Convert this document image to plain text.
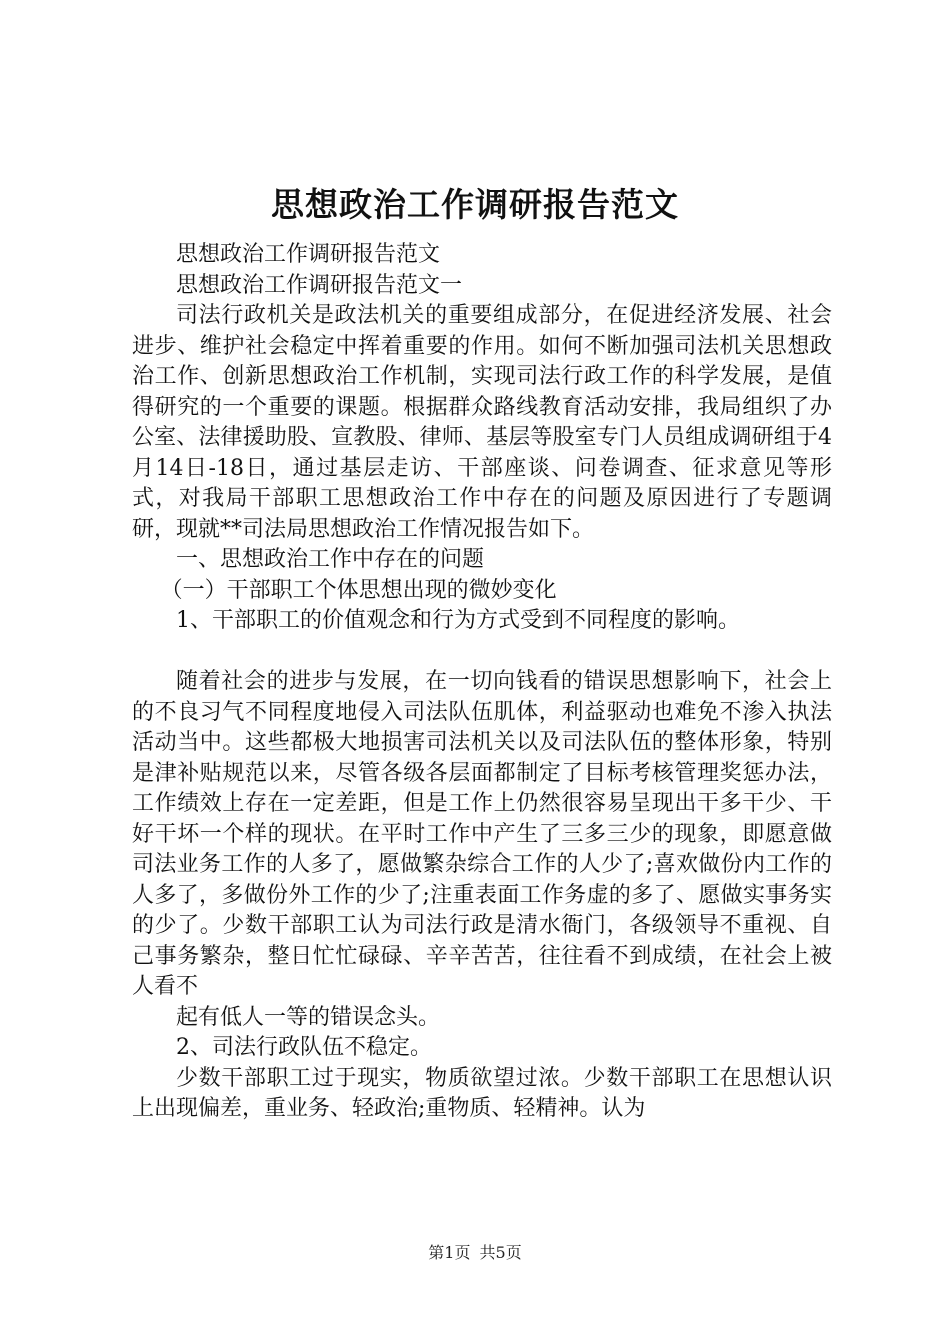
思想政治工作调研报告范文

思想政治工作调研报告范文

思想政治工作调研报告范文一

司法行政机关是政法机关的重要组成部分，在促进经济发展、社会进步、维护社会稳定中挥着重要的作用。如何不断加强司法机关思想政治工作、创新思想政治工作机制，实现司法行政工作的科学发展，是值得研究的一个重要的课题。根据群众路线教育活动安排，我局组织了办公室、法律援助股、宣教股、律师、基层等股室专门人员组成调研组于4月14日-18日，通过基层走访、干部座谈、问卷调查、征求意见等形式，对我局干部职工思想政治工作中存在的问题及原因进行了专题调研，现就**司法局思想政治工作情况报告如下。

一、思想政治工作中存在的问题

（一）干部职工个体思想出现的微妙变化

1、干部职工的价值观念和行为方式受到不同程度的影响。

随着社会的进步与发展，在一切向钱看的错误思想影响下，社会上的不良习气不同程度地侵入司法队伍肌体，利益驱动也难免不渗入执法活动当中。这些都极大地损害司法机关以及司法队伍的整体形象，特别是津补贴规范以来，尽管各级各层面都制定了目标考核管理奖惩办法，工作绩效上存在一定差距，但是工作上仍然很容易呈现出干多干少、干好干坏一个样的现状。在平时工作中产生了三多三少的现象，即愿意做司法业务工作的人多了，愿做繁杂综合工作的人少了;喜欢做份内工作的人多了，多做份外工作的少了;注重表面工作务虚的多了、愿做实事务实的少了。少数干部职工认为司法行政是清水衙门，各级领导不重视、自己事务繁杂，整日忙忙碌碌、辛辛苦苦，往往看不到成绩，在社会上被人看不

起有低人一等的错误念头。

2、司法行政队伍不稳定。

少数干部职工过于现实，物质欲望过浓。少数干部职工在思想认识上出现偏差，重业务、轻政治;重物质、轻精神。认为

第1页 共5页
